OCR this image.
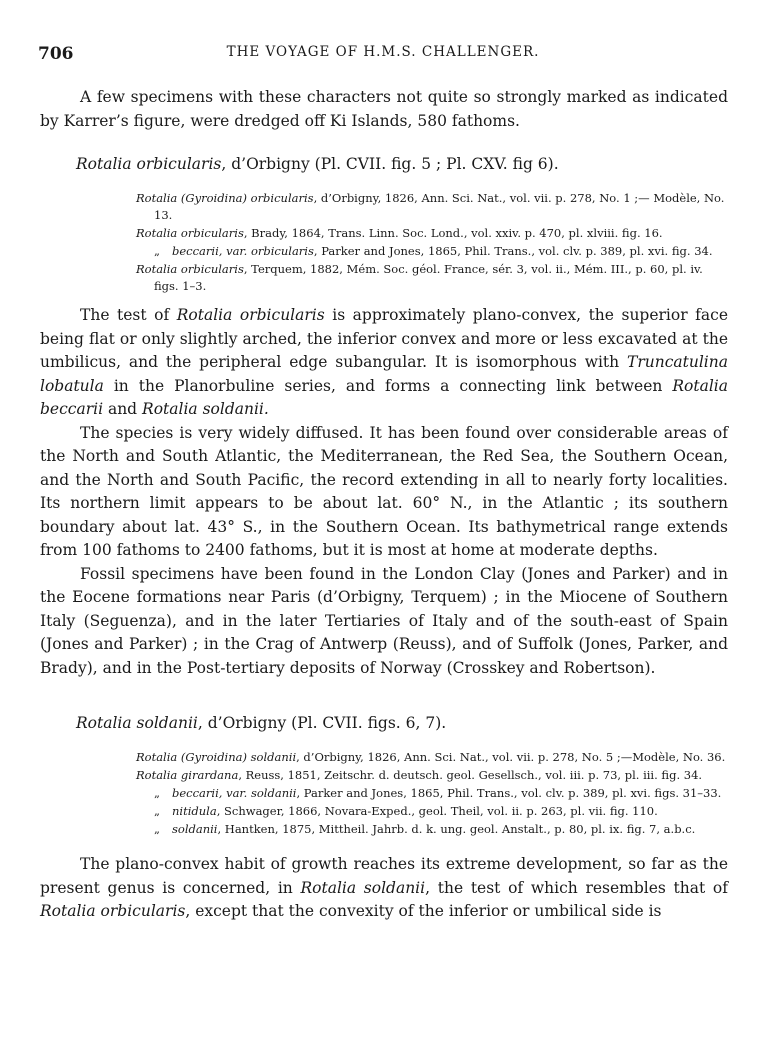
706	THE VOYAGE OF H.M.S. CHALLENGER.

A few specimens with these characters not quite so strongly marked as indicated by Karrer’s figure, were dredged off Ki Islands, 580 fathoms.

Rotalia orbicularis, d’Orbigny (Pl. CVII. fig. 5 ; Pl. CXV. fig 6).
Rotalia (Gyroidina) orbicularis, d’Orbigny, 1826, Ann. Sci. Nat., vol. vii. p. 278, No. 1 ;— Modèle, No. 13.
Rotalia orbicularis, Brady, 1864, Trans. Linn. Soc. Lond., vol. xxiv. p. 470, pl. xlviii. fig. 16.
„ beccarii, var. orbicularis, Parker and Jones, 1865, Phil. Trans., vol. clv. p. 389, pl. xvi. fig. 34.
Rotalia orbicularis, Terquem, 1882, Mém. Soc. géol. France, sér. 3, vol. ii., Mém. III., p. 60, pl. iv. figs. 1–3.

The test of Rotalia orbicularis is approximately plano-convex, the superior face being flat or only slightly arched, the inferior convex and more or less excavated at the umbilicus, and the peripheral edge subangular. It is isomorphous with Truncatulina lobatula in the Planorbuline series, and forms a connecting link between Rotalia beccarii and Rotalia soldanii.

The species is very widely diffused. It has been found over considerable areas of the North and South Atlantic, the Mediterranean, the Red Sea, the Southern Ocean, and the North and South Pacific, the record extending in all to nearly forty localities. Its northern limit appears to be about lat. 60° N., in the Atlantic ; its southern boundary about lat. 43° S., in the Southern Ocean. Its bathymetrical range extends from 100 fathoms to 2400 fathoms, but it is most at home at moderate depths.

Fossil specimens have been found in the London Clay (Jones and Parker) and in the Eocene formations near Paris (d’Orbigny, Terquem) ; in the Miocene of Southern Italy (Seguenza), and in the later Tertiaries of Italy and of the south-east of Spain (Jones and Parker) ; in the Crag of Antwerp (Reuss), and of Suffolk (Jones, Parker, and Brady), and in the Post-tertiary deposits of Norway (Crosskey and Robertson).

Rotalia soldanii, d’Orbigny (Pl. CVII. figs. 6, 7).
Rotalia (Gyroidina) soldanii, d’Orbigny, 1826, Ann. Sci. Nat., vol. vii. p. 278, No. 5 ;—Modèle, No. 36.
Rotalia girardana, Reuss, 1851, Zeitschr. d. deutsch. geol. Gesellsch., vol. iii. p. 73, pl. iii. fig. 34.
„ beccarii, var. soldanii, Parker and Jones, 1865, Phil. Trans., vol. clv. p. 389, pl. xvi. figs. 31–33.
„ nitidula, Schwager, 1866, Novara-Exped., geol. Theil, vol. ii. p. 263, pl. vii. fig. 110.
„ soldanii, Hantken, 1875, Mittheil. Jahrb. d. k. ung. geol. Anstalt., p. 80, pl. ix. fig. 7, a.b.c.

The plano-convex habit of growth reaches its extreme development, so far as the present genus is concerned, in Rotalia soldanii, the test of which resembles that of Rotalia orbicularis, except that the convexity of the inferior or umbilical side is
